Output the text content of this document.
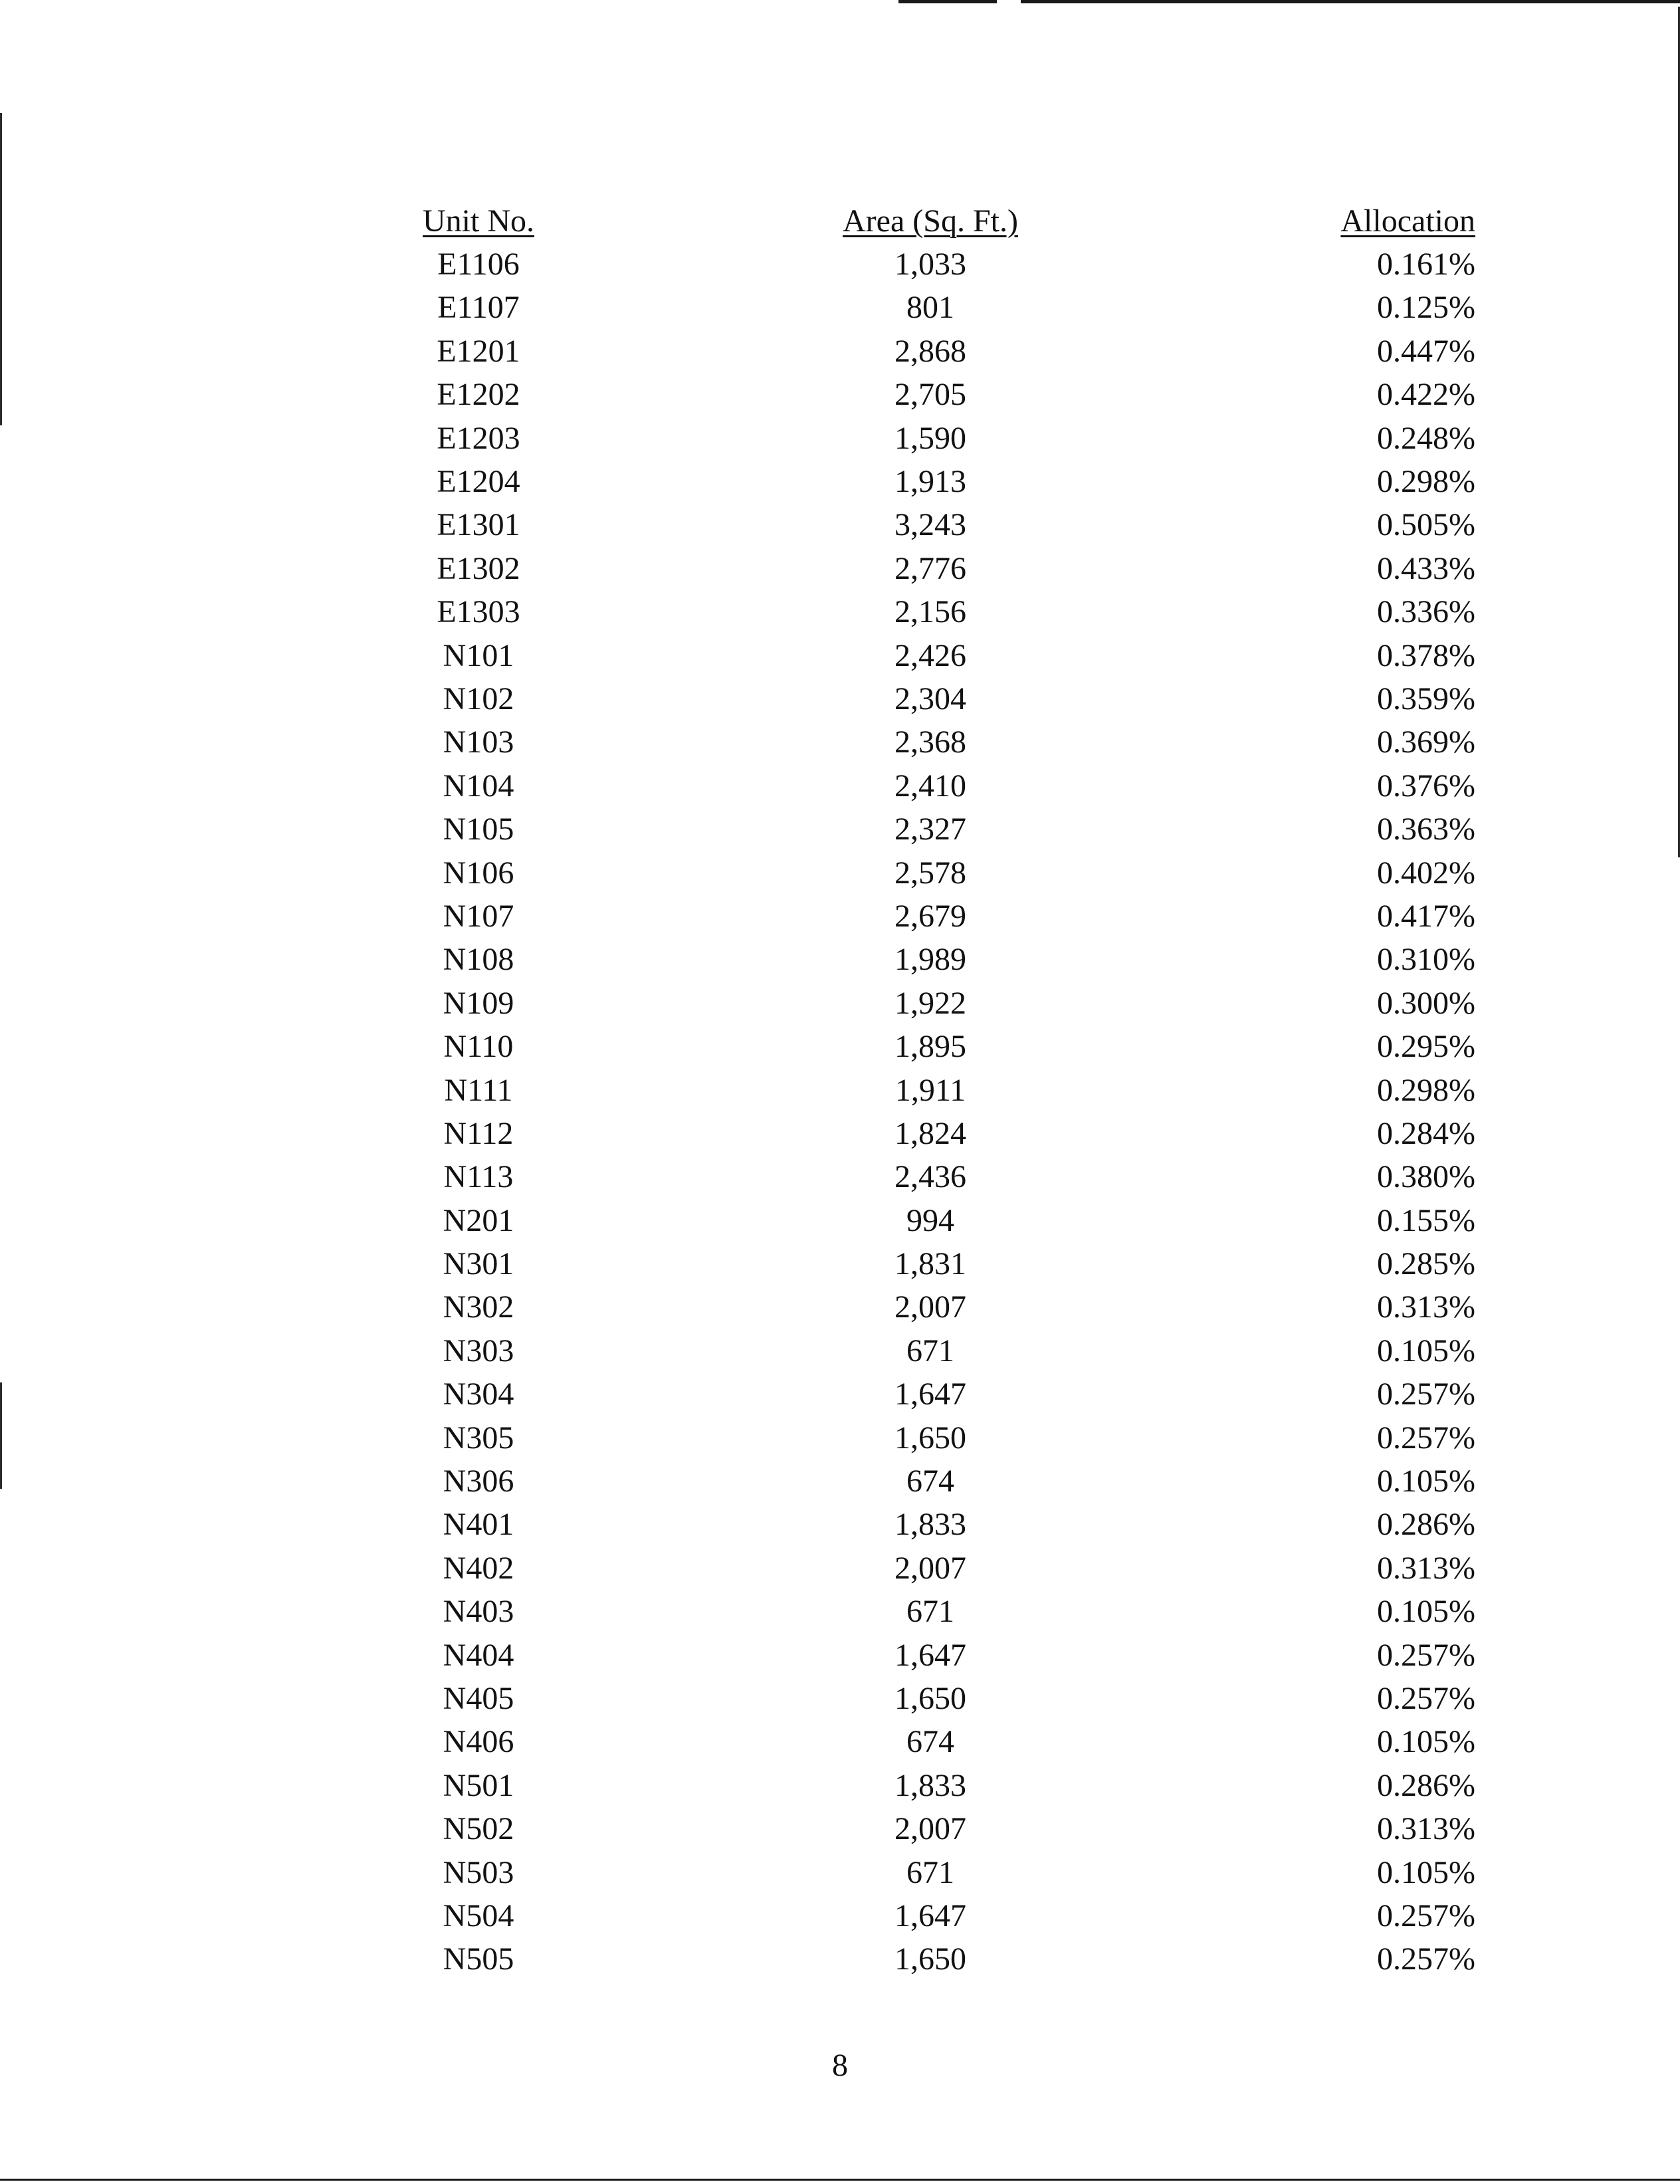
Unit No.	Area (Sq. Ft.)	Allocation
E1106	1,033	0.161%
E1107	801	0.125%
E1201	2,868	0.447%
E1202	2,705	0.422%
E1203	1,590	0.248%
E1204	1,913	0.298%
E1301	3,243	0.505%
E1302	2,776	0.433%
E1303	2,156	0.336%
N101	2,426	0.378%
N102	2,304	0.359%
N103	2,368	0.369%
N104	2,410	0.376%
N105	2,327	0.363%
N106	2,578	0.402%
N107	2,679	0.417%
N108	1,989	0.310%
N109	1,922	0.300%
N110	1,895	0.295%
N111	1,911	0.298%
N112	1,824	0.284%
N113	2,436	0.380%
N201	994	0.155%
N301	1,831	0.285%
N302	2,007	0.313%
N303	671	0.105%
N304	1,647	0.257%
N305	1,650	0.257%
N306	674	0.105%
N401	1,833	0.286%
N402	2,007	0.313%
N403	671	0.105%
N404	1,647	0.257%
N405	1,650	0.257%
N406	674	0.105%
N501	1,833	0.286%
N502	2,007	0.313%
N503	671	0.105%
N504	1,647	0.257%
N505	1,650	0.257%
8
